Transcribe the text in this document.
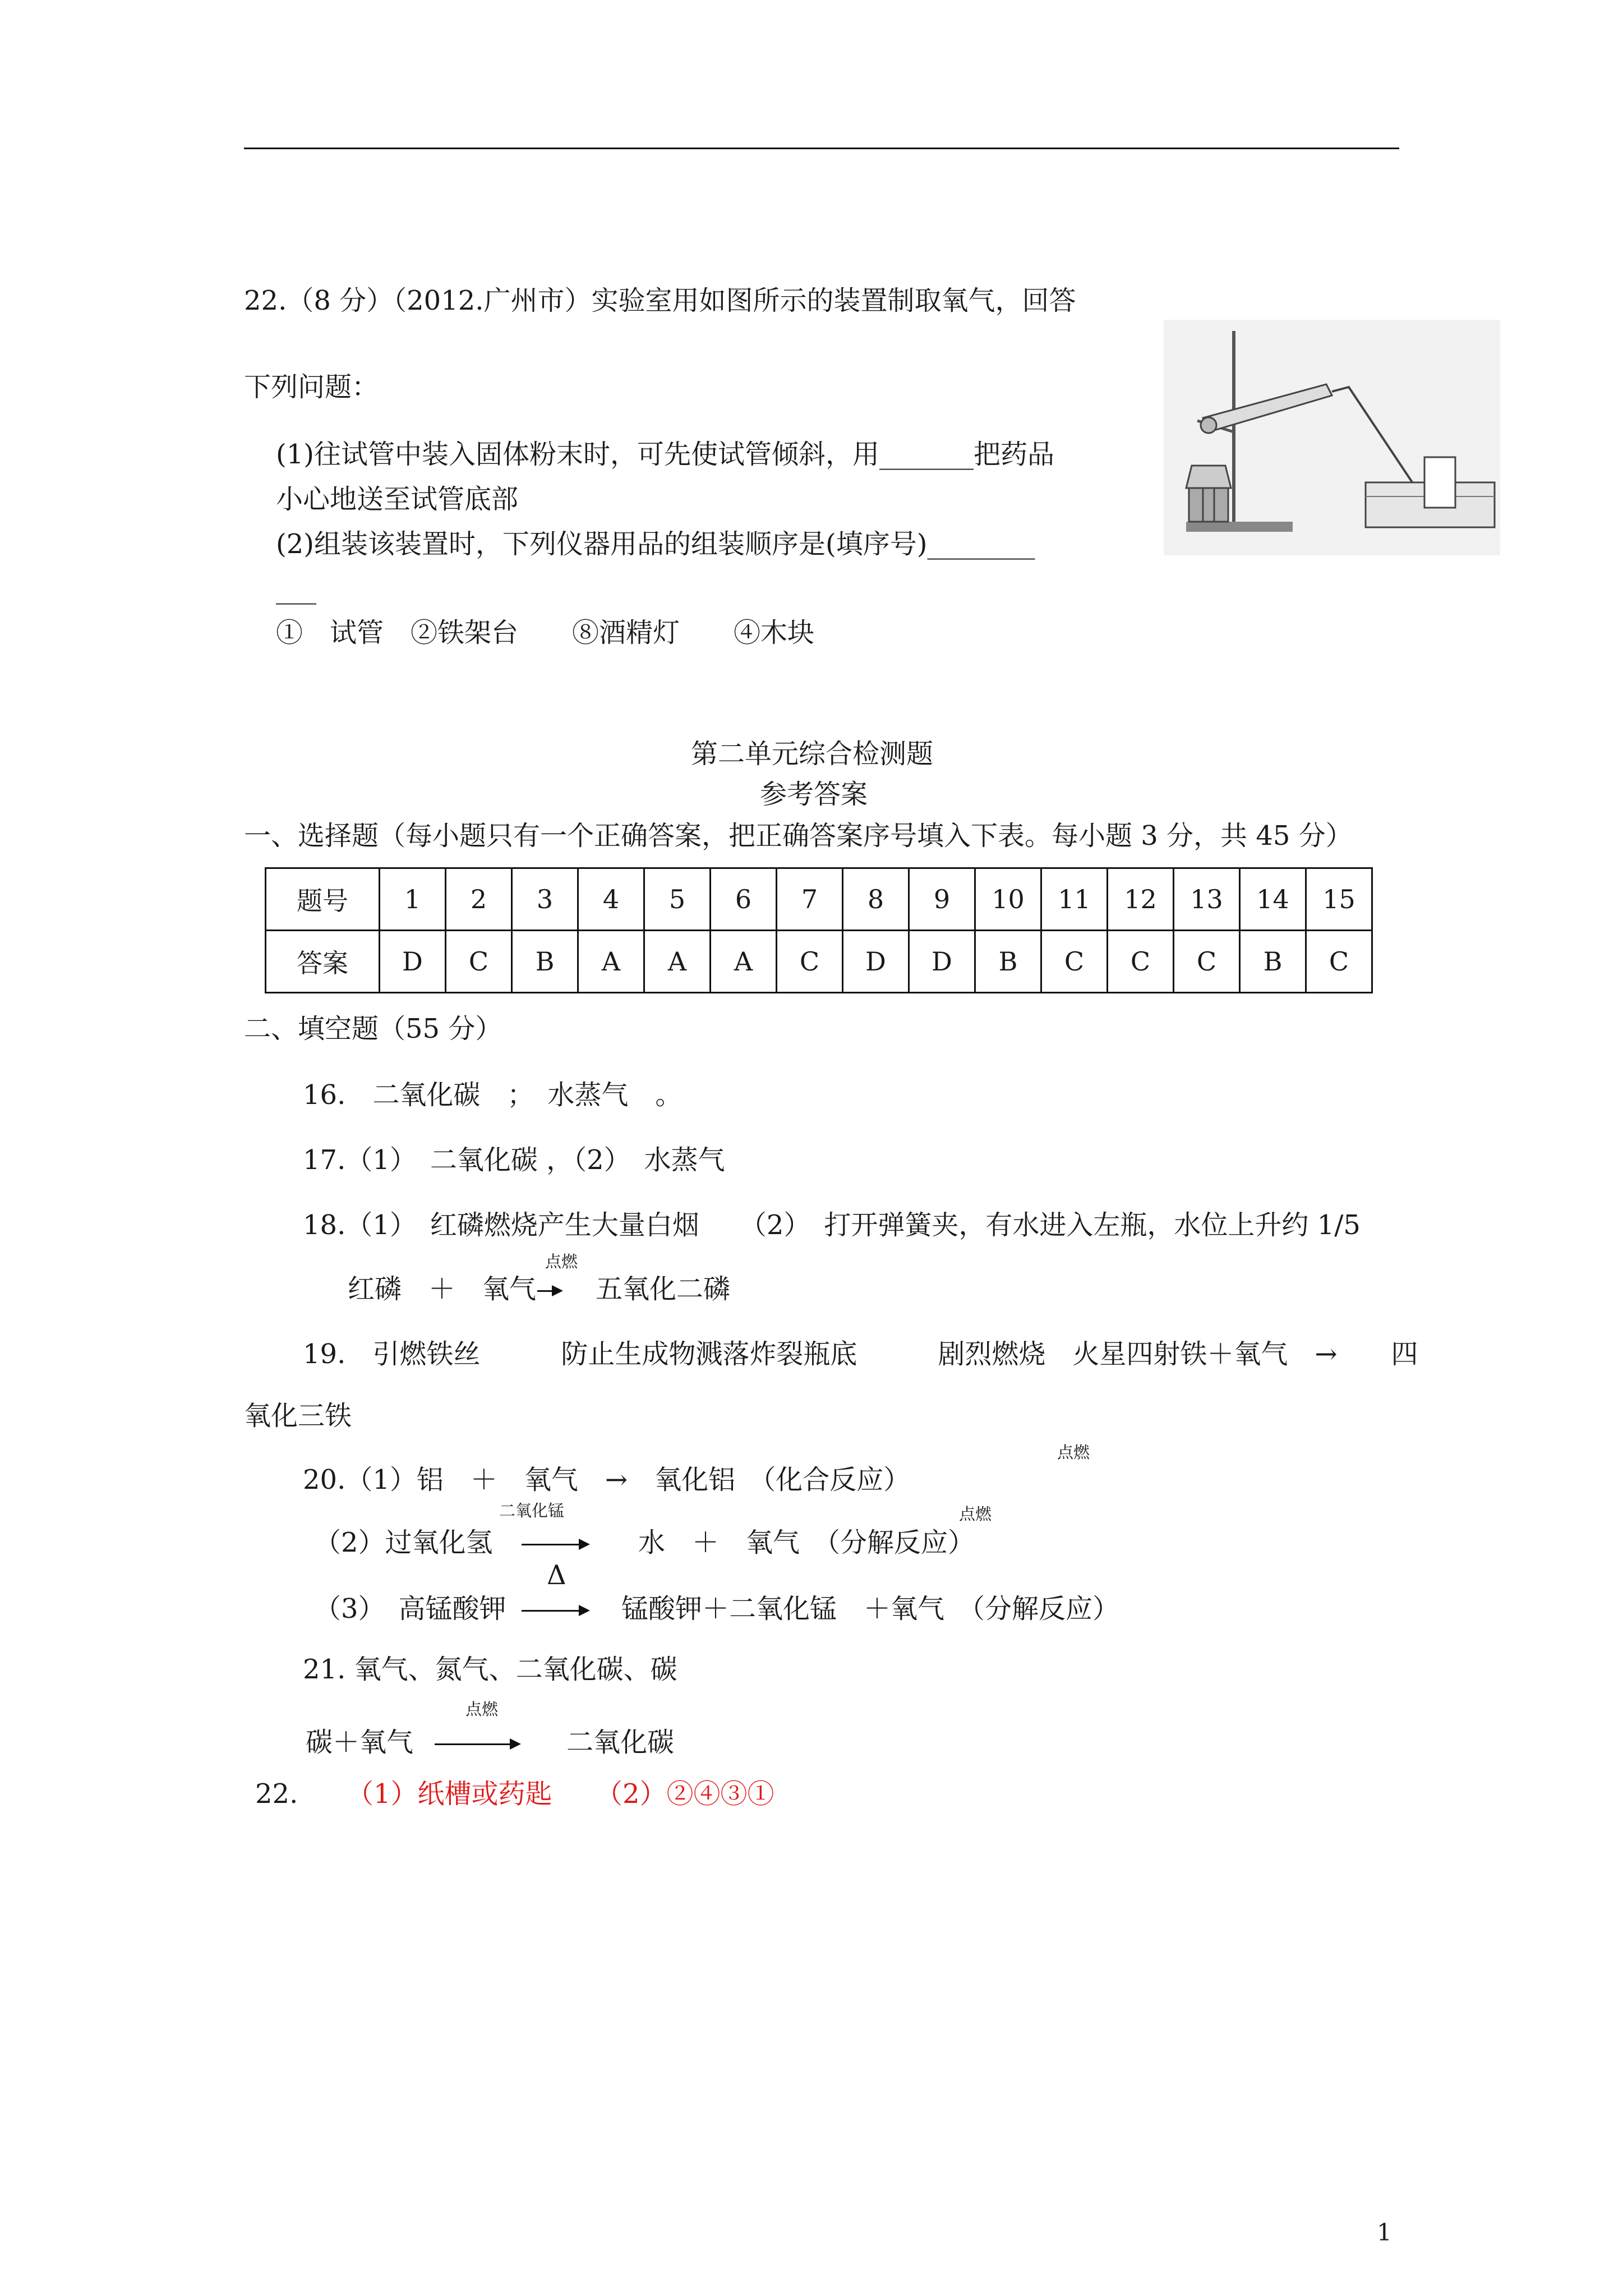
22.（8 分）（2012.广州市）实验室用如图所示的装置制取氧气，回答
下列问题：
(1)往试管中装入固体粉末时，可先使试管倾斜，用_______把药品
小心地送至试管底部
(2)组装该装置时，下列仪器用品的组装顺序是(填序号)________
___
①　试管　②铁架台　　⑧酒精灯　　④木块
第二单元综合检测题
参考答案
一、选择题（每小题只有一个正确答案，把正确答案序号填入下表。每小题 3 分，共 45 分）
题号	1	2	3	4	5	6	7	8	9	10	11	12	13	14	15
答案	D	C	B	A	A	A	C	D	D	B	C	C	C	B	C
二、填空题（55 分）
16.　二氧化碳　；　水蒸气　。
17.（1）　二氧化碳 ，（2）　水蒸气
18.（1）　红磷燃烧产生大量白烟　　（2）　打开弹簧夹，有水进入左瓶，水位上升约 1/5
点燃
红磷　＋　氧气 → 五氧化二磷
19.　引燃铁丝　　　防止生成物溅落炸裂瓶底　　　剧烈燃烧　火星四射铁＋氧气　→　　四
氧化三铁
点燃
20.（1）铝　＋　氧气　→　氧化铝　（化合反应）
二氧化锰	点燃
（2）过氧化氢	水　＋　氧气　（分解反应）
Δ
（3）　高锰酸钾	锰酸钾＋二氧化锰　＋氧气　（分解反应）
21. 氧气、氮气、二氧化碳、碳
点燃
碳＋氧气	二氧化碳
22. （1）纸槽或药匙 （2）②④③①
1
